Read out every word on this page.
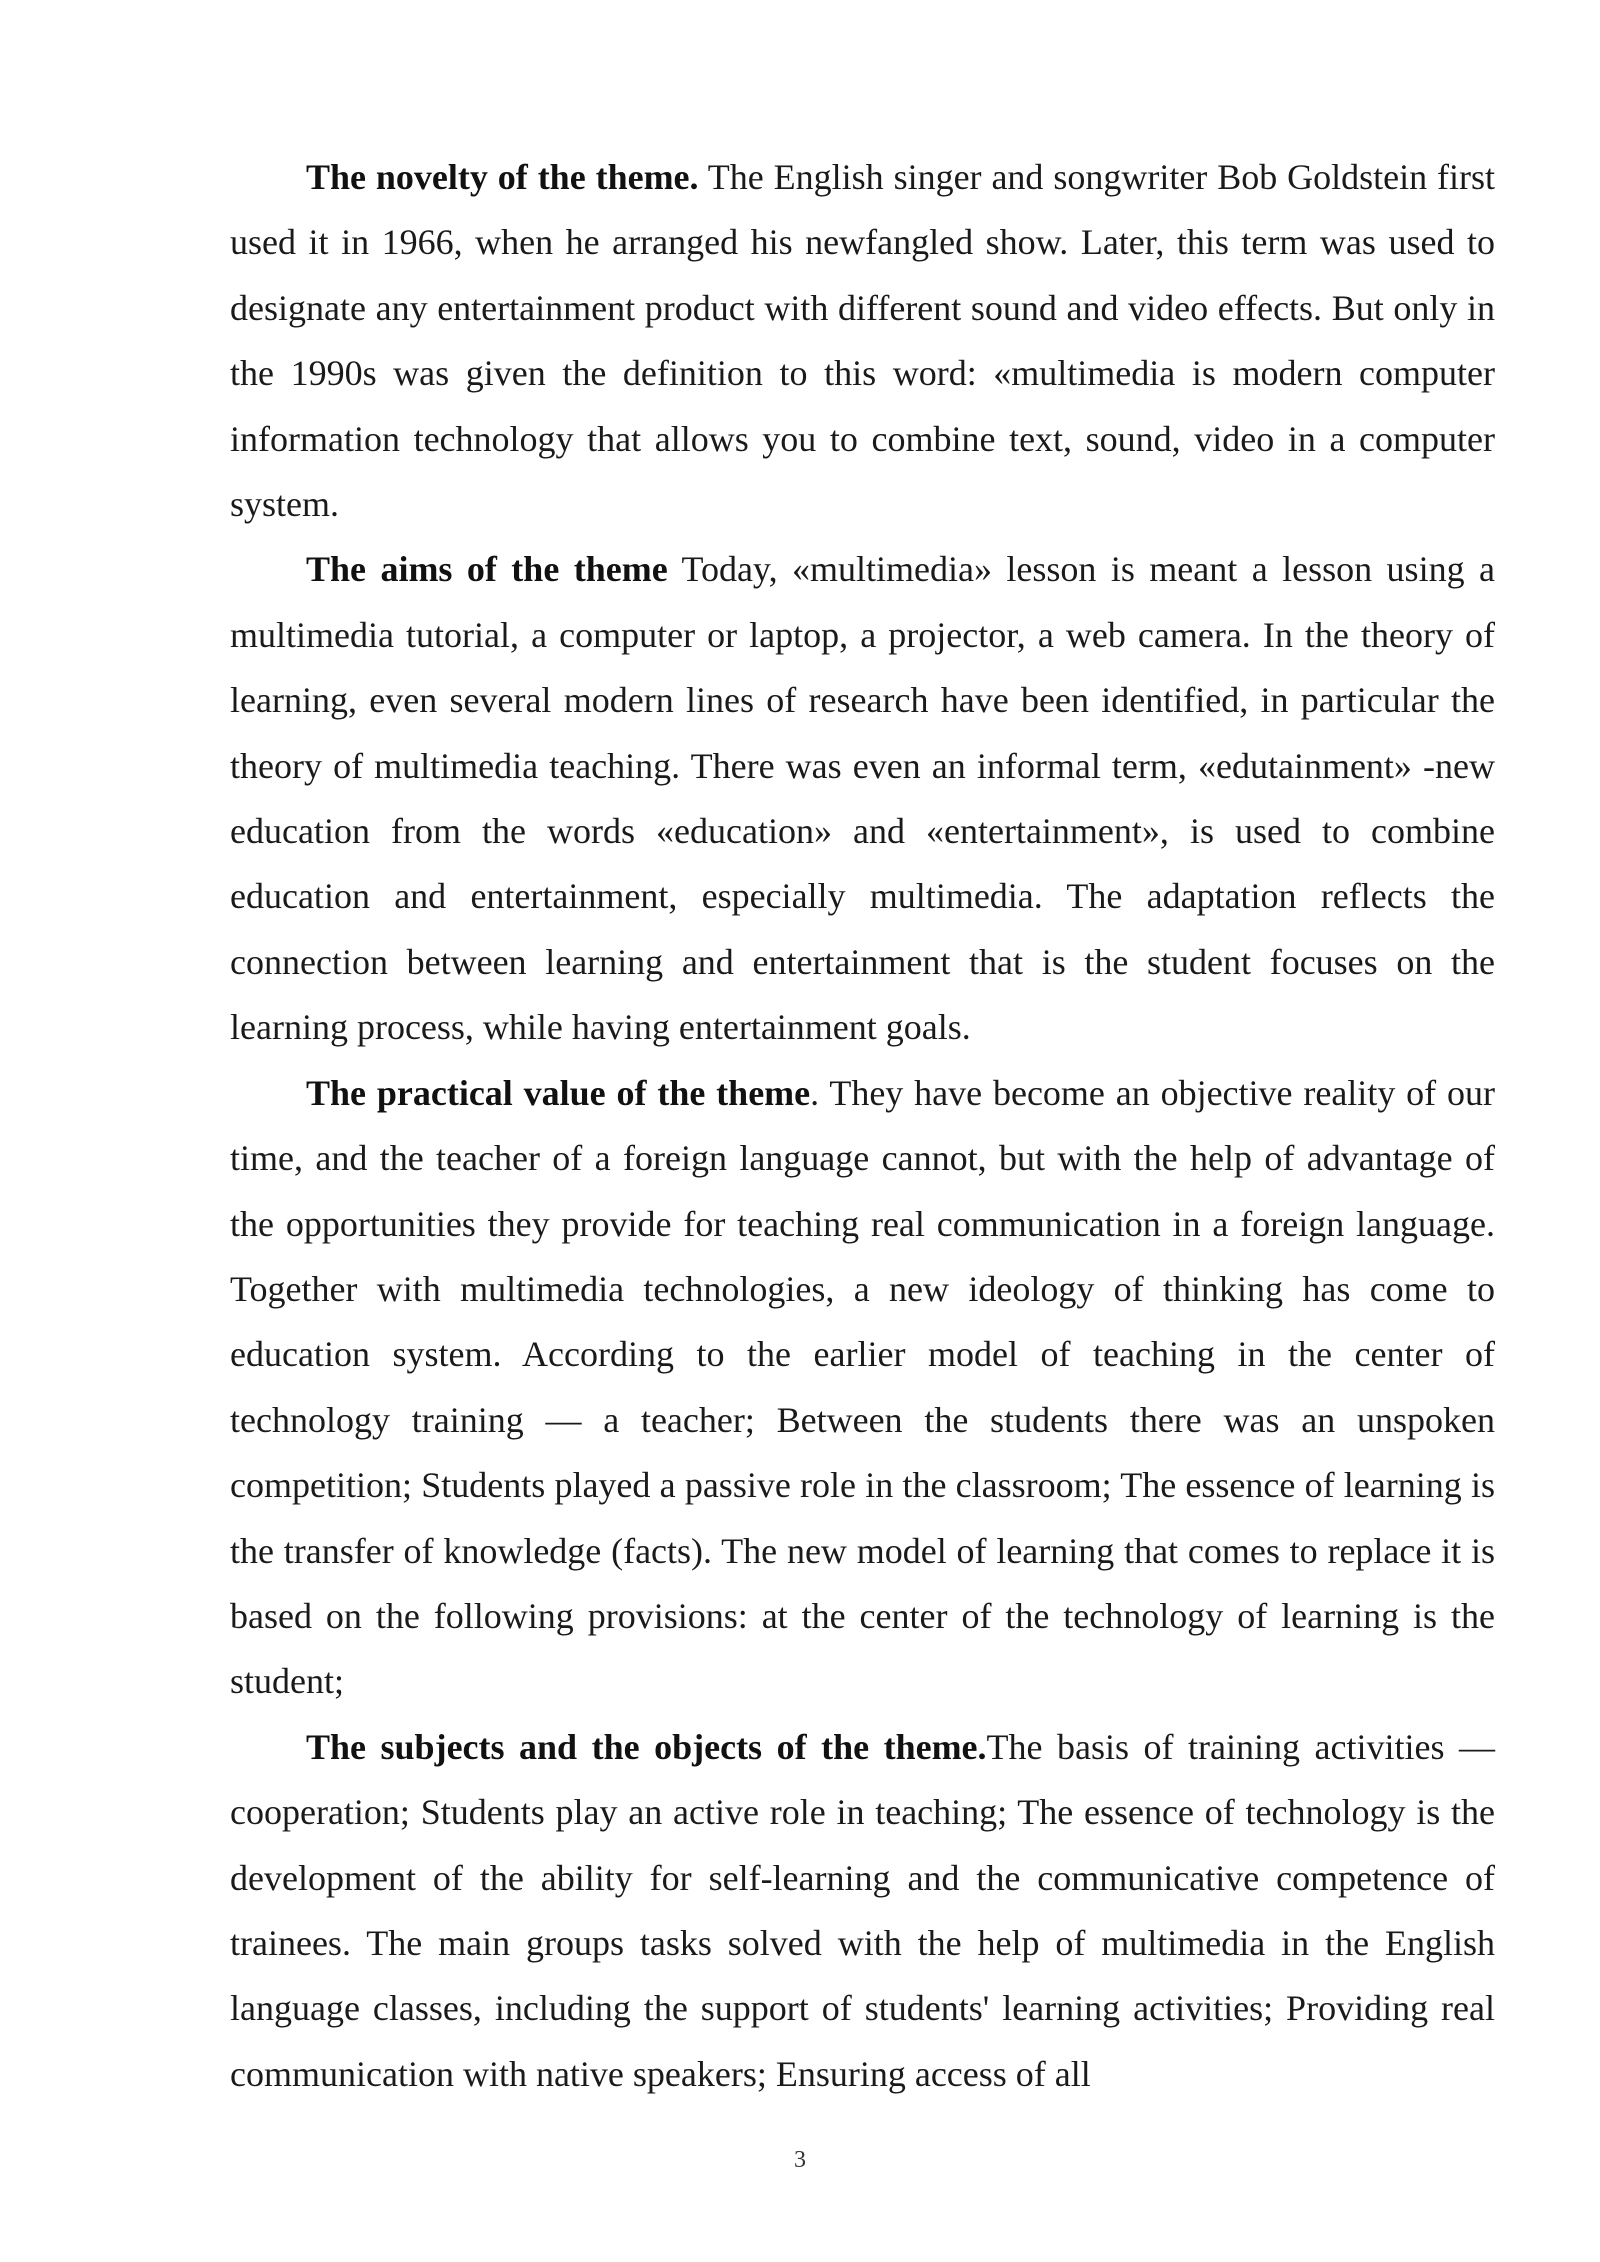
The novelty of the theme. The English singer and songwriter Bob Goldstein first used it in 1966, when he arranged his newfangled show. Later, this term was used to designate any entertainment product with different sound and video effects. But only in the 1990s was given the definition to this word: «multimedia is modern computer information technology that allows you to combine text, sound, video in a computer system.

The aims of the theme Today, «multimedia» lesson is meant a lesson using a multimedia tutorial, a computer or laptop, a projector, a web camera. In the theory of learning, even several modern lines of research have been identified, in particular the theory of multimedia teaching. There was even an informal term, «edutainment» -new education from the words «education» and «entertainment», is used to combine education and entertainment, especially multimedia. The adaptation reflects the connection between learning and entertainment that is the student focuses on the learning process, while having entertainment goals.

The practical value of the theme. They have become an objective reality of our time, and the teacher of a foreign language cannot, but with the help of advantage of the opportunities they provide for teaching real communication in a foreign language. Together with multimedia technologies, a new ideology of thinking has come to education system. According to the earlier model of teaching in the center of technology training — a teacher; Between the students there was an unspoken competition; Students played a passive role in the classroom; The essence of learning is the transfer of knowledge (facts). The new model of learning that comes to replace it is based on the following provisions: at the center of the technology of learning is the student;

The subjects and the objects of the theme.The basis of training activities — cooperation; Students play an active role in teaching; The essence of technology is the development of the ability for self-learning and the communicative competence of trainees. The main groups tasks solved with the help of multimedia in the English language classes, including the support of students' learning activities; Providing real communication with native speakers; Ensuring access of all

3
